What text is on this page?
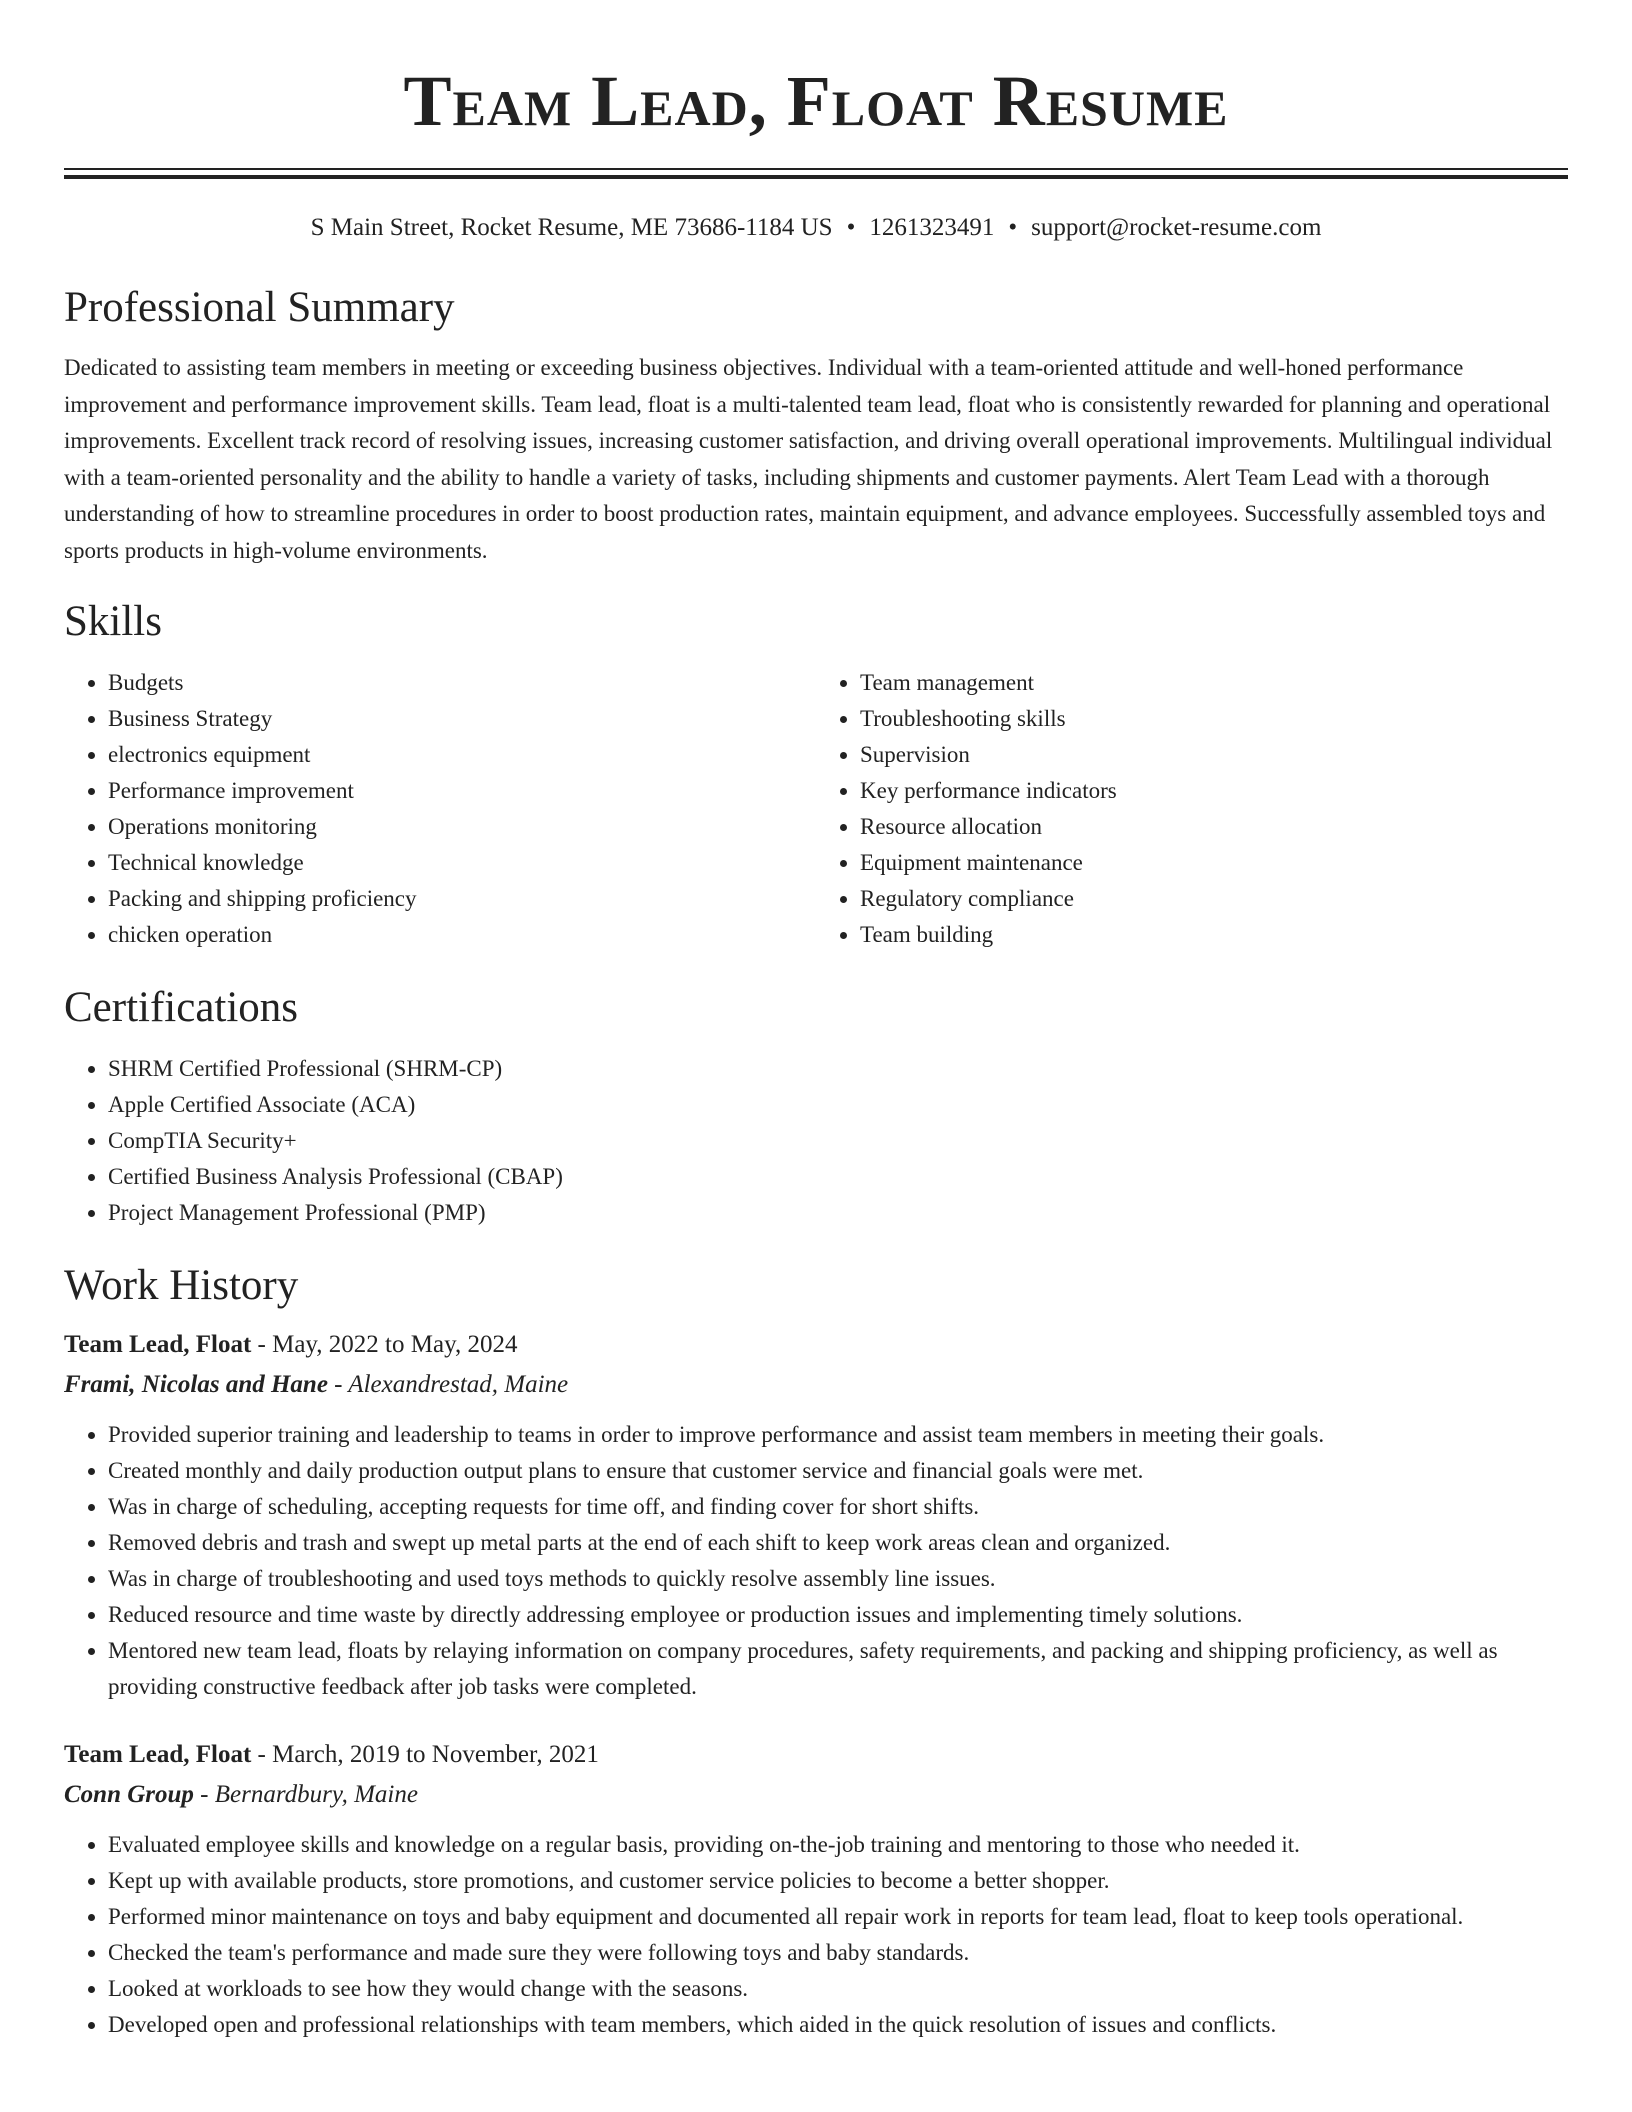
Team Lead, Float Resume
S Main Street, Rocket Resume, ME 73686-1184 US • 1261323491 • support@rocket-resume.com
Professional Summary

Dedicated to assisting team members in meeting or exceeding business objectives. Individual with a team-oriented attitude and well-honed performance improvement and performance improvement skills. Team lead, float is a multi-talented team lead, float who is consistently rewarded for planning and operational improvements. Excellent track record of resolving issues, increasing customer satisfaction, and driving overall operational improvements. Multilingual individual with a team-oriented personality and the ability to handle a variety of tasks, including shipments and customer payments. Alert Team Lead with a thorough understanding of how to streamline procedures in order to boost production rates, maintain equipment, and advance employees. Successfully assembled toys and sports products in high-volume environments.

Skills
• Budgets
• Business Strategy
• electronics equipment
• Performance improvement
• Operations monitoring
• Technical knowledge
• Packing and shipping proficiency
• chicken operation
• Team management
• Troubleshooting skills
• Supervision
• Key performance indicators
• Resource allocation
• Equipment maintenance
• Regulatory compliance
• Team building
Certifications
• SHRM Certified Professional (SHRM-CP)
• Apple Certified Associate (ACA)
• CompTIA Security+
• Certified Business Analysis Professional (CBAP)
• Project Management Professional (PMP)
Work History
Team Lead, Float - May, 2022 to May, 2024
Frami, Nicolas and Hane - Alexandrestad, Maine
• Provided superior training and leadership to teams in order to improve performance and assist team members in meeting their goals.
• Created monthly and daily production output plans to ensure that customer service and financial goals were met.
• Was in charge of scheduling, accepting requests for time off, and finding cover for short shifts.
• Removed debris and trash and swept up metal parts at the end of each shift to keep work areas clean and organized.
• Was in charge of troubleshooting and used toys methods to quickly resolve assembly line issues.
• Reduced resource and time waste by directly addressing employee or production issues and implementing timely solutions.
• Mentored new team lead, floats by relaying information on company procedures, safety requirements, and packing and shipping proficiency, as well as providing constructive feedback after job tasks were completed.
Team Lead, Float - March, 2019 to November, 2021
Conn Group - Bernardbury, Maine
• Evaluated employee skills and knowledge on a regular basis, providing on-the-job training and mentoring to those who needed it.
• Kept up with available products, store promotions, and customer service policies to become a better shopper.
• Performed minor maintenance on toys and baby equipment and documented all repair work in reports for team lead, float to keep tools operational.
• Checked the team's performance and made sure they were following toys and baby standards.
• Looked at workloads to see how they would change with the seasons.
• Developed open and professional relationships with team members, which aided in the quick resolution of issues and conflicts.
